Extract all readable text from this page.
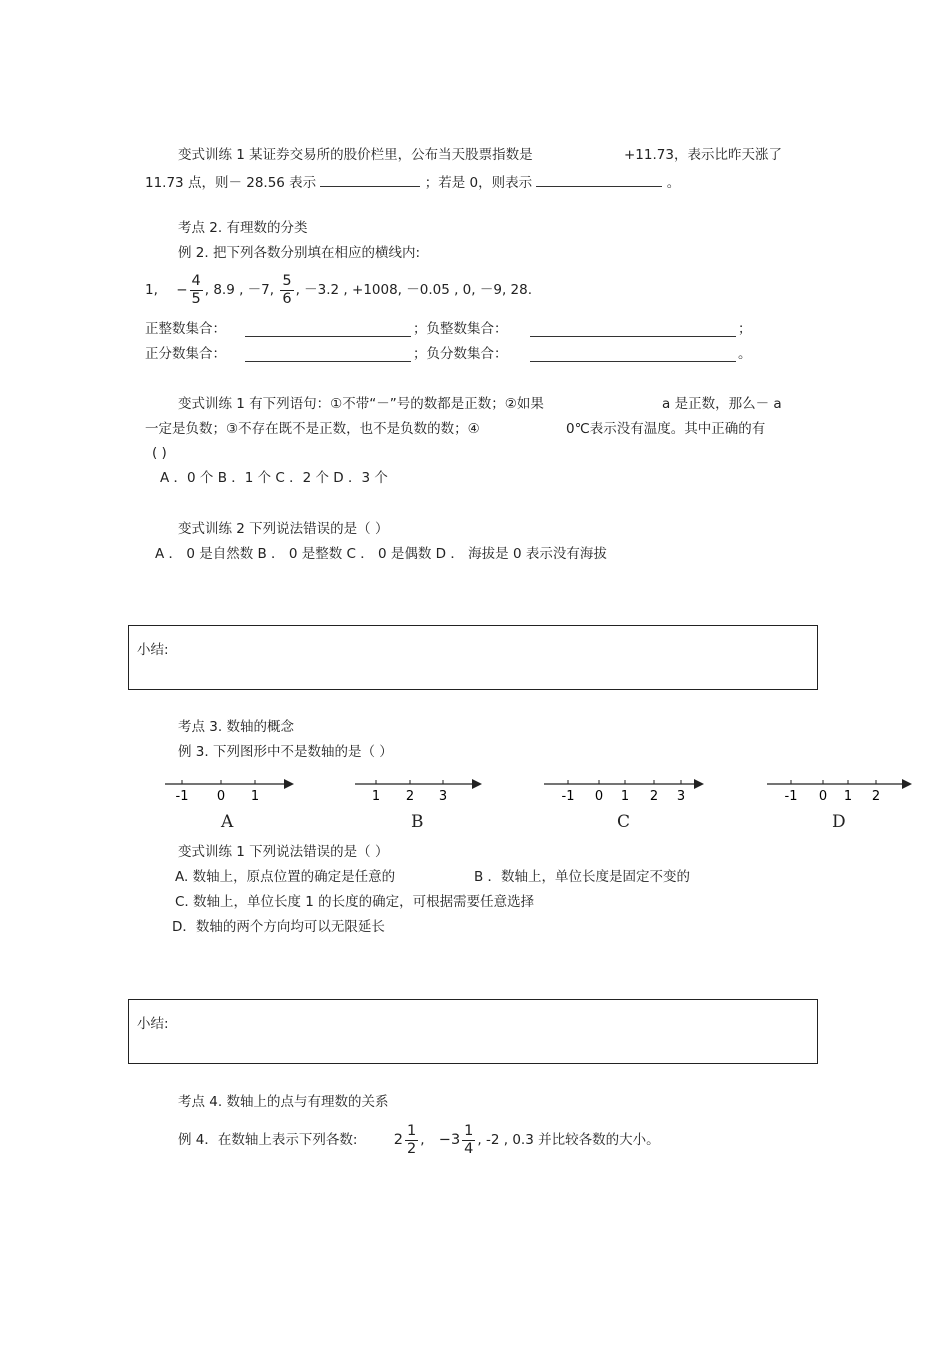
变式训练 1 某证券交易所的股价栏里，公布当天股票指数是	+11.73，表示比昨天涨了
11.73 点，则－ 28.56 表示	；若是 0，则表示	。
考点 2. 有理数的分类
例 2. 把下列各数分别填在相应的横线内:
1, − $\frac{4}{5}$ , 8.9 , －7, $\frac{5}{6}$ , －3.2 , +1008, －0.05 , 0, －9, 28.
正整数集合：	；负整数集合：	；
正分数集合：	；负分数集合：	。
变式训练 1 有下列语句：①不带“－”号的数都是正数；②如果	a 是正数，那么－ a
一定是负数；③不存在既不是正数，也不是负数的数；④	0℃表示没有温度。其中正确的有
( )
A ．0 个 B ．1 个 C ．2 个 D ．3 个
变式训练 2 下列说法错误的是（ ）
A ． 0 是自然数 B ． 0 是整数 C ． 0 是偶数 D ． 海拔是 0 表示没有海拔
小结:
考点 3. 数轴的概念
例 3. 下列图形中不是数轴的是（ ）
-1 0 1
A
1 2 3
B
-1 0 1 2 3
C
-1 0 1 2
D
变式训练 1 下列说法错误的是（ ）
A. 数轴上，原点位置的确定是任意的	B ．数轴上，单位长度是固定不变的
C. 数轴上，单位长度 1 的长度的确定，可根据需要任意选择
D．数轴的两个方向均可以无限延长
小结:
考点 4. 数轴上的点与有理数的关系
例 4．在数轴上表示下列各数:	$2 \frac{1}{2}$ , $-3 \frac{1}{4}$ , -2 , 0.3 并比较各数的大小。
